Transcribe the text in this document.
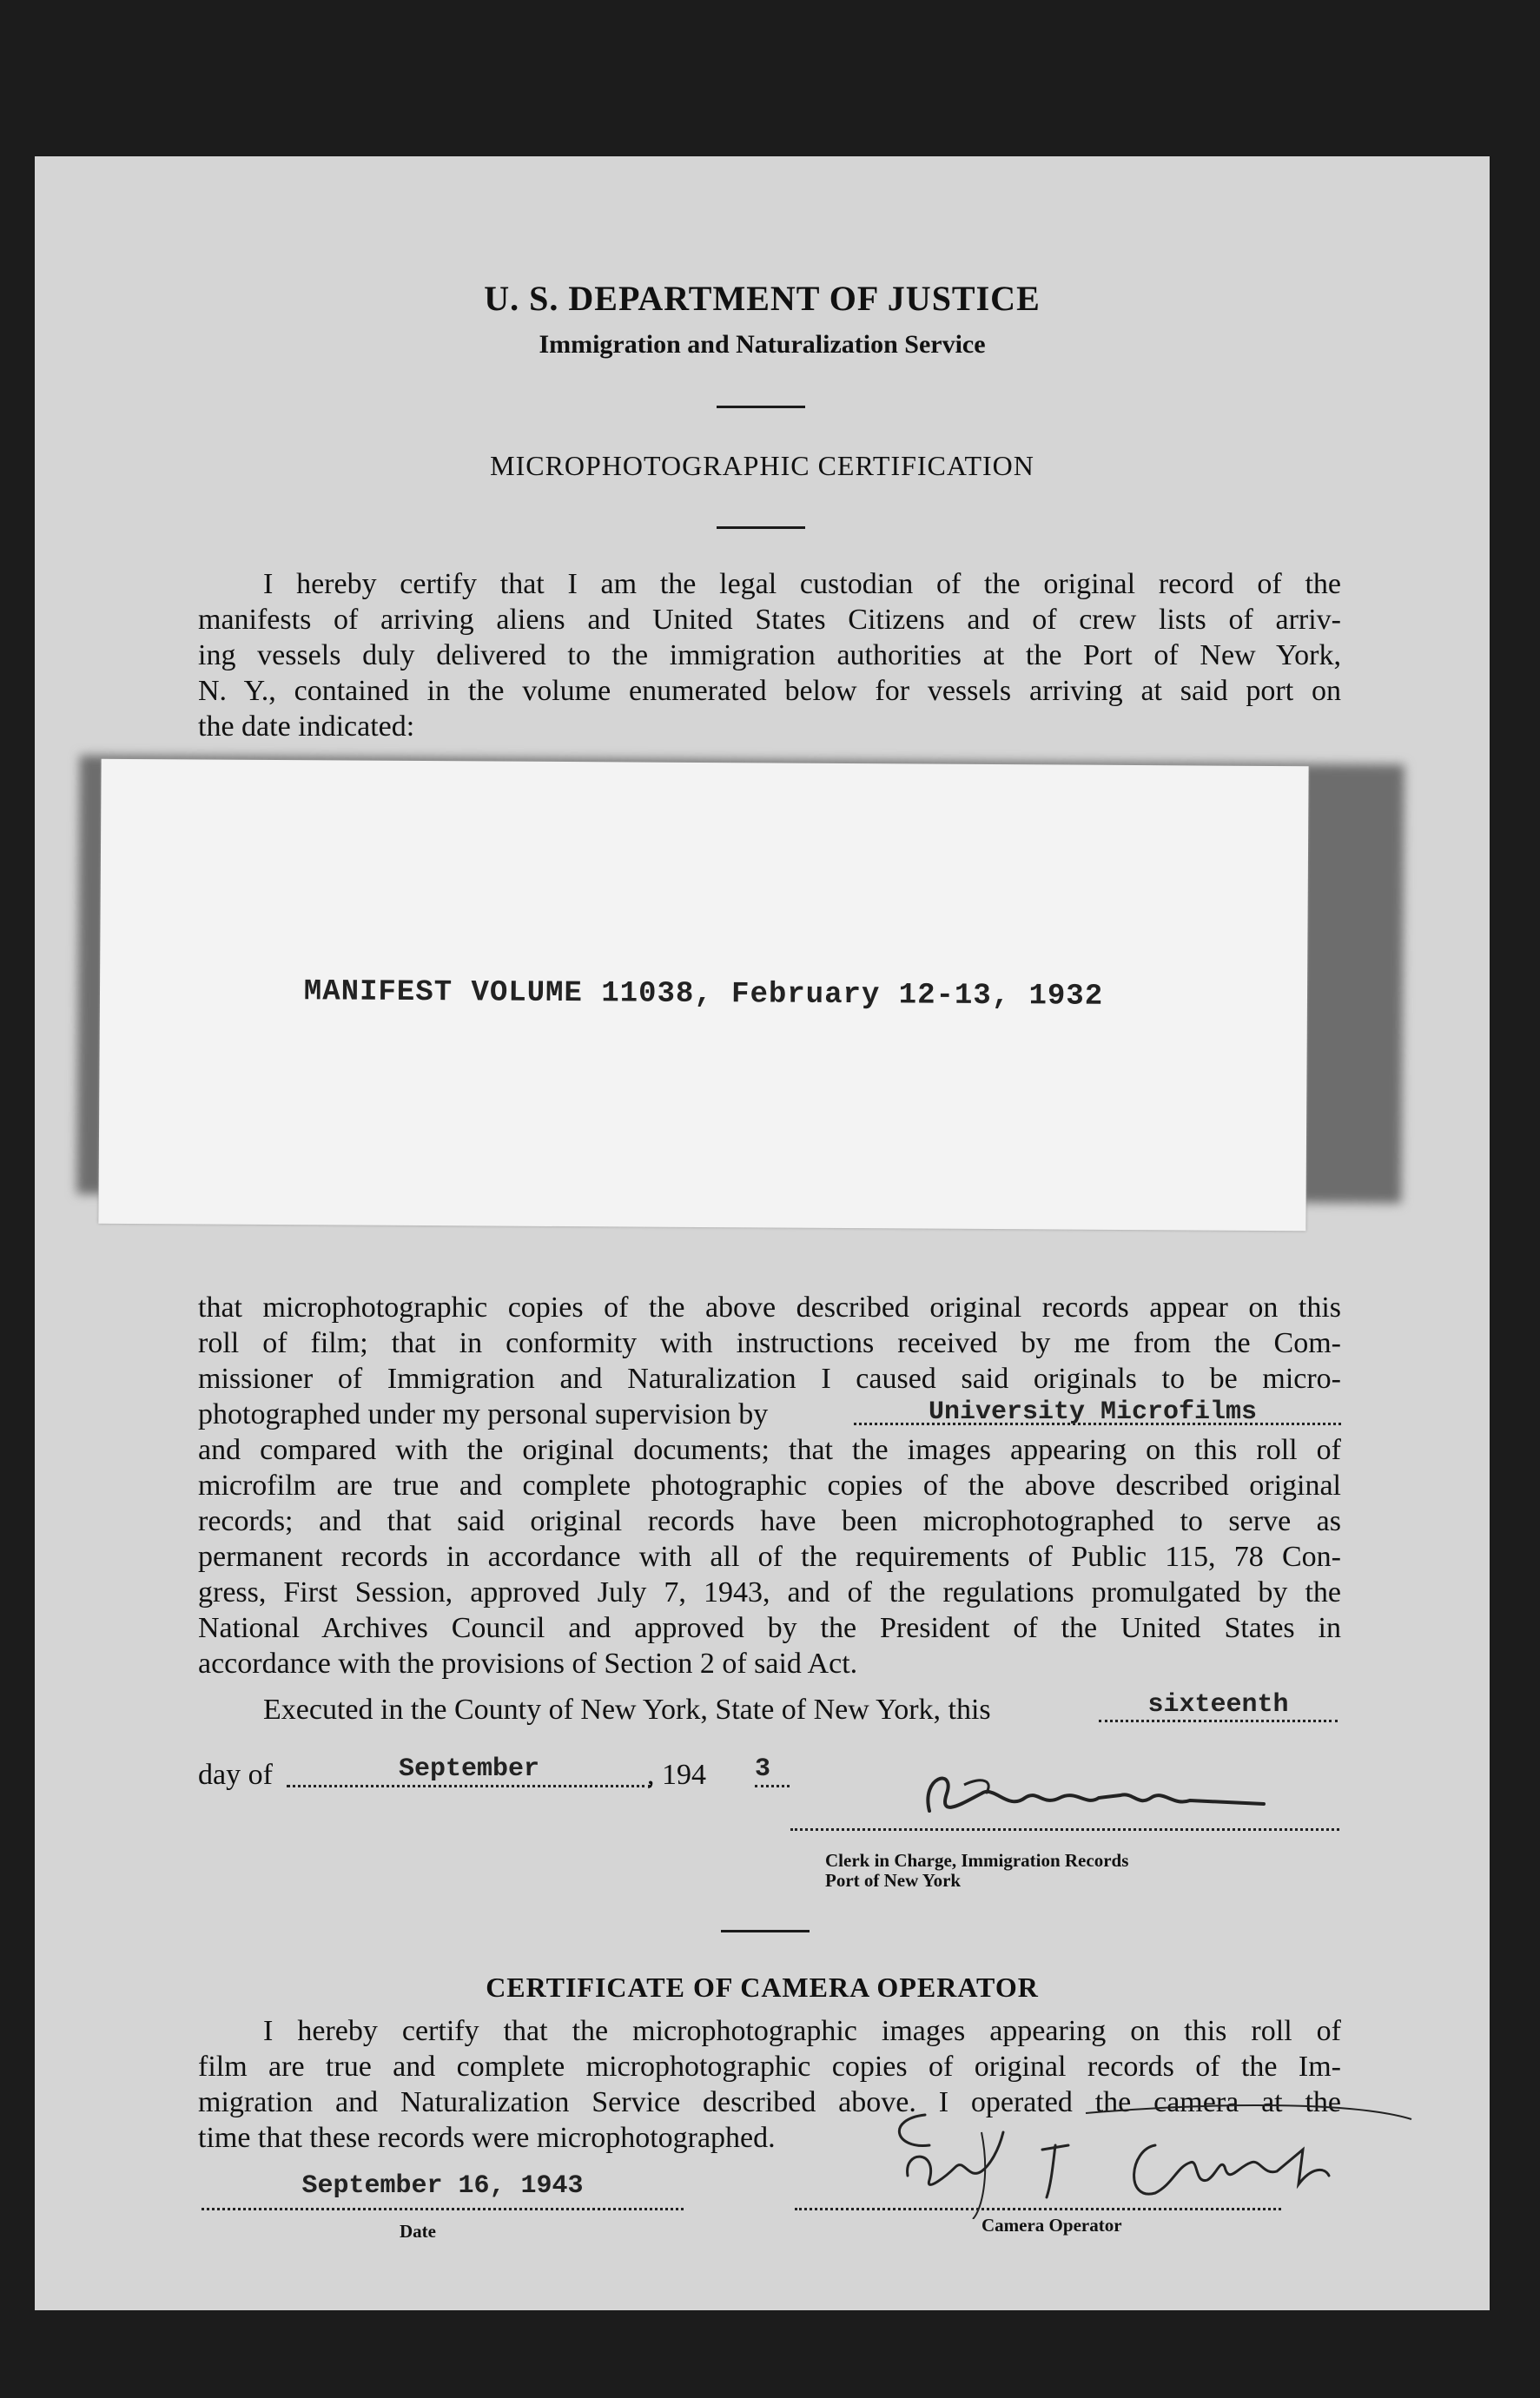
U. S. DEPARTMENT OF JUSTICE
Immigration and Naturalization Service
MICROPHOTOGRAPHIC CERTIFICATION
I hereby certify that I am the legal custodian of the original record of the
manifests of arriving aliens and United States Citizens and of crew lists of arriv-
ing vessels duly delivered to the immigration authorities at the Port of New York,
N. Y., contained in the volume enumerated below for vessels arriving at said port on
the date indicated:
MANIFEST VOLUME 11038, February 12-13, 1932
that microphotographic copies of the above described original records appear on this
roll of film; that in conformity with instructions received by me from the Com-
missioner of Immigration and Naturalization I caused said originals to be micro-
photographed under my personal supervision by	University Microfilms
and compared with the original documents; that the images appearing on this roll of
microfilm are true and complete photographic copies of the above described original
records; and that said original records have been microphotographed to serve as
permanent records in accordance with all of the requirements of Public 115, 78 Con-
gress, First Session, approved July 7, 1943, and of the regulations promulgated by the
National Archives Council and approved by the President of the United States in
accordance with the provisions of Section 2 of said Act.
Executed in the County of New York, State of New York, this	sixteenth
day of	September	, 194 3
Clerk in Charge, Immigration Records
Port of New York
CERTIFICATE OF CAMERA OPERATOR
I hereby certify that the microphotographic images appearing on this roll of
film are true and complete microphotographic copies of original records of the Im-
migration and Naturalization Service described above. I operated the camera at the
time that these records were microphotographed.
September 16, 1943
Date	Camera Operator
